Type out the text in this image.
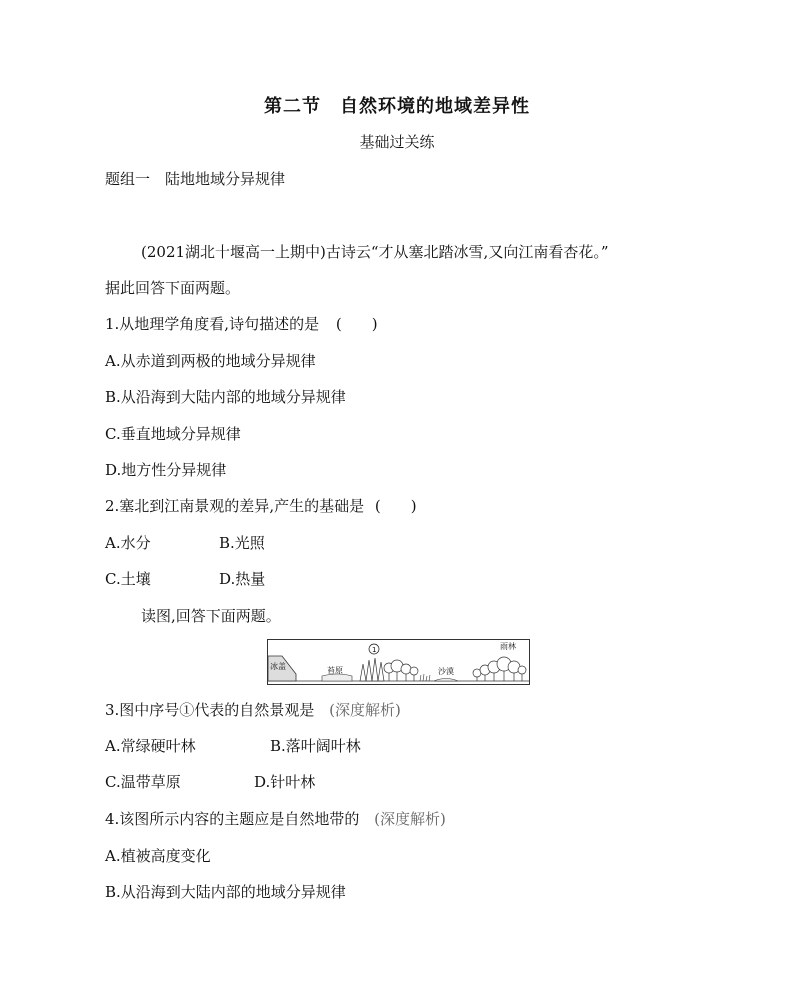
第二节　自然环境的地域差异性
基础过关练
题组一　陆地地域分异规律
(2021湖北十堰高一上期中)古诗云“才从塞北踏冰雪,又向江南看杏花。”
据此回答下面两题。
1.从地理学角度看,诗句描述的是 (　　)
A.从赤道到两极的地域分异规律
B.从沿海到大陆内部的地域分异规律
C.垂直地域分异规律
D.地方性分异规律
2.塞北到江南景观的差异,产生的基础是 (　　)
A.水分	B.光照
C.土壤	D.热量
读图,回答下面两题。
冰盖	苔原
1
沙漠
雨林
3.图中序号①代表的自然景观是 (深度解析)
A.常绿硬叶林	B.落叶阔叶林
C.温带草原	D.针叶林
4.该图所示内容的主题应是自然地带的 (深度解析)
A.植被高度变化
B.从沿海到大陆内部的地域分异规律
